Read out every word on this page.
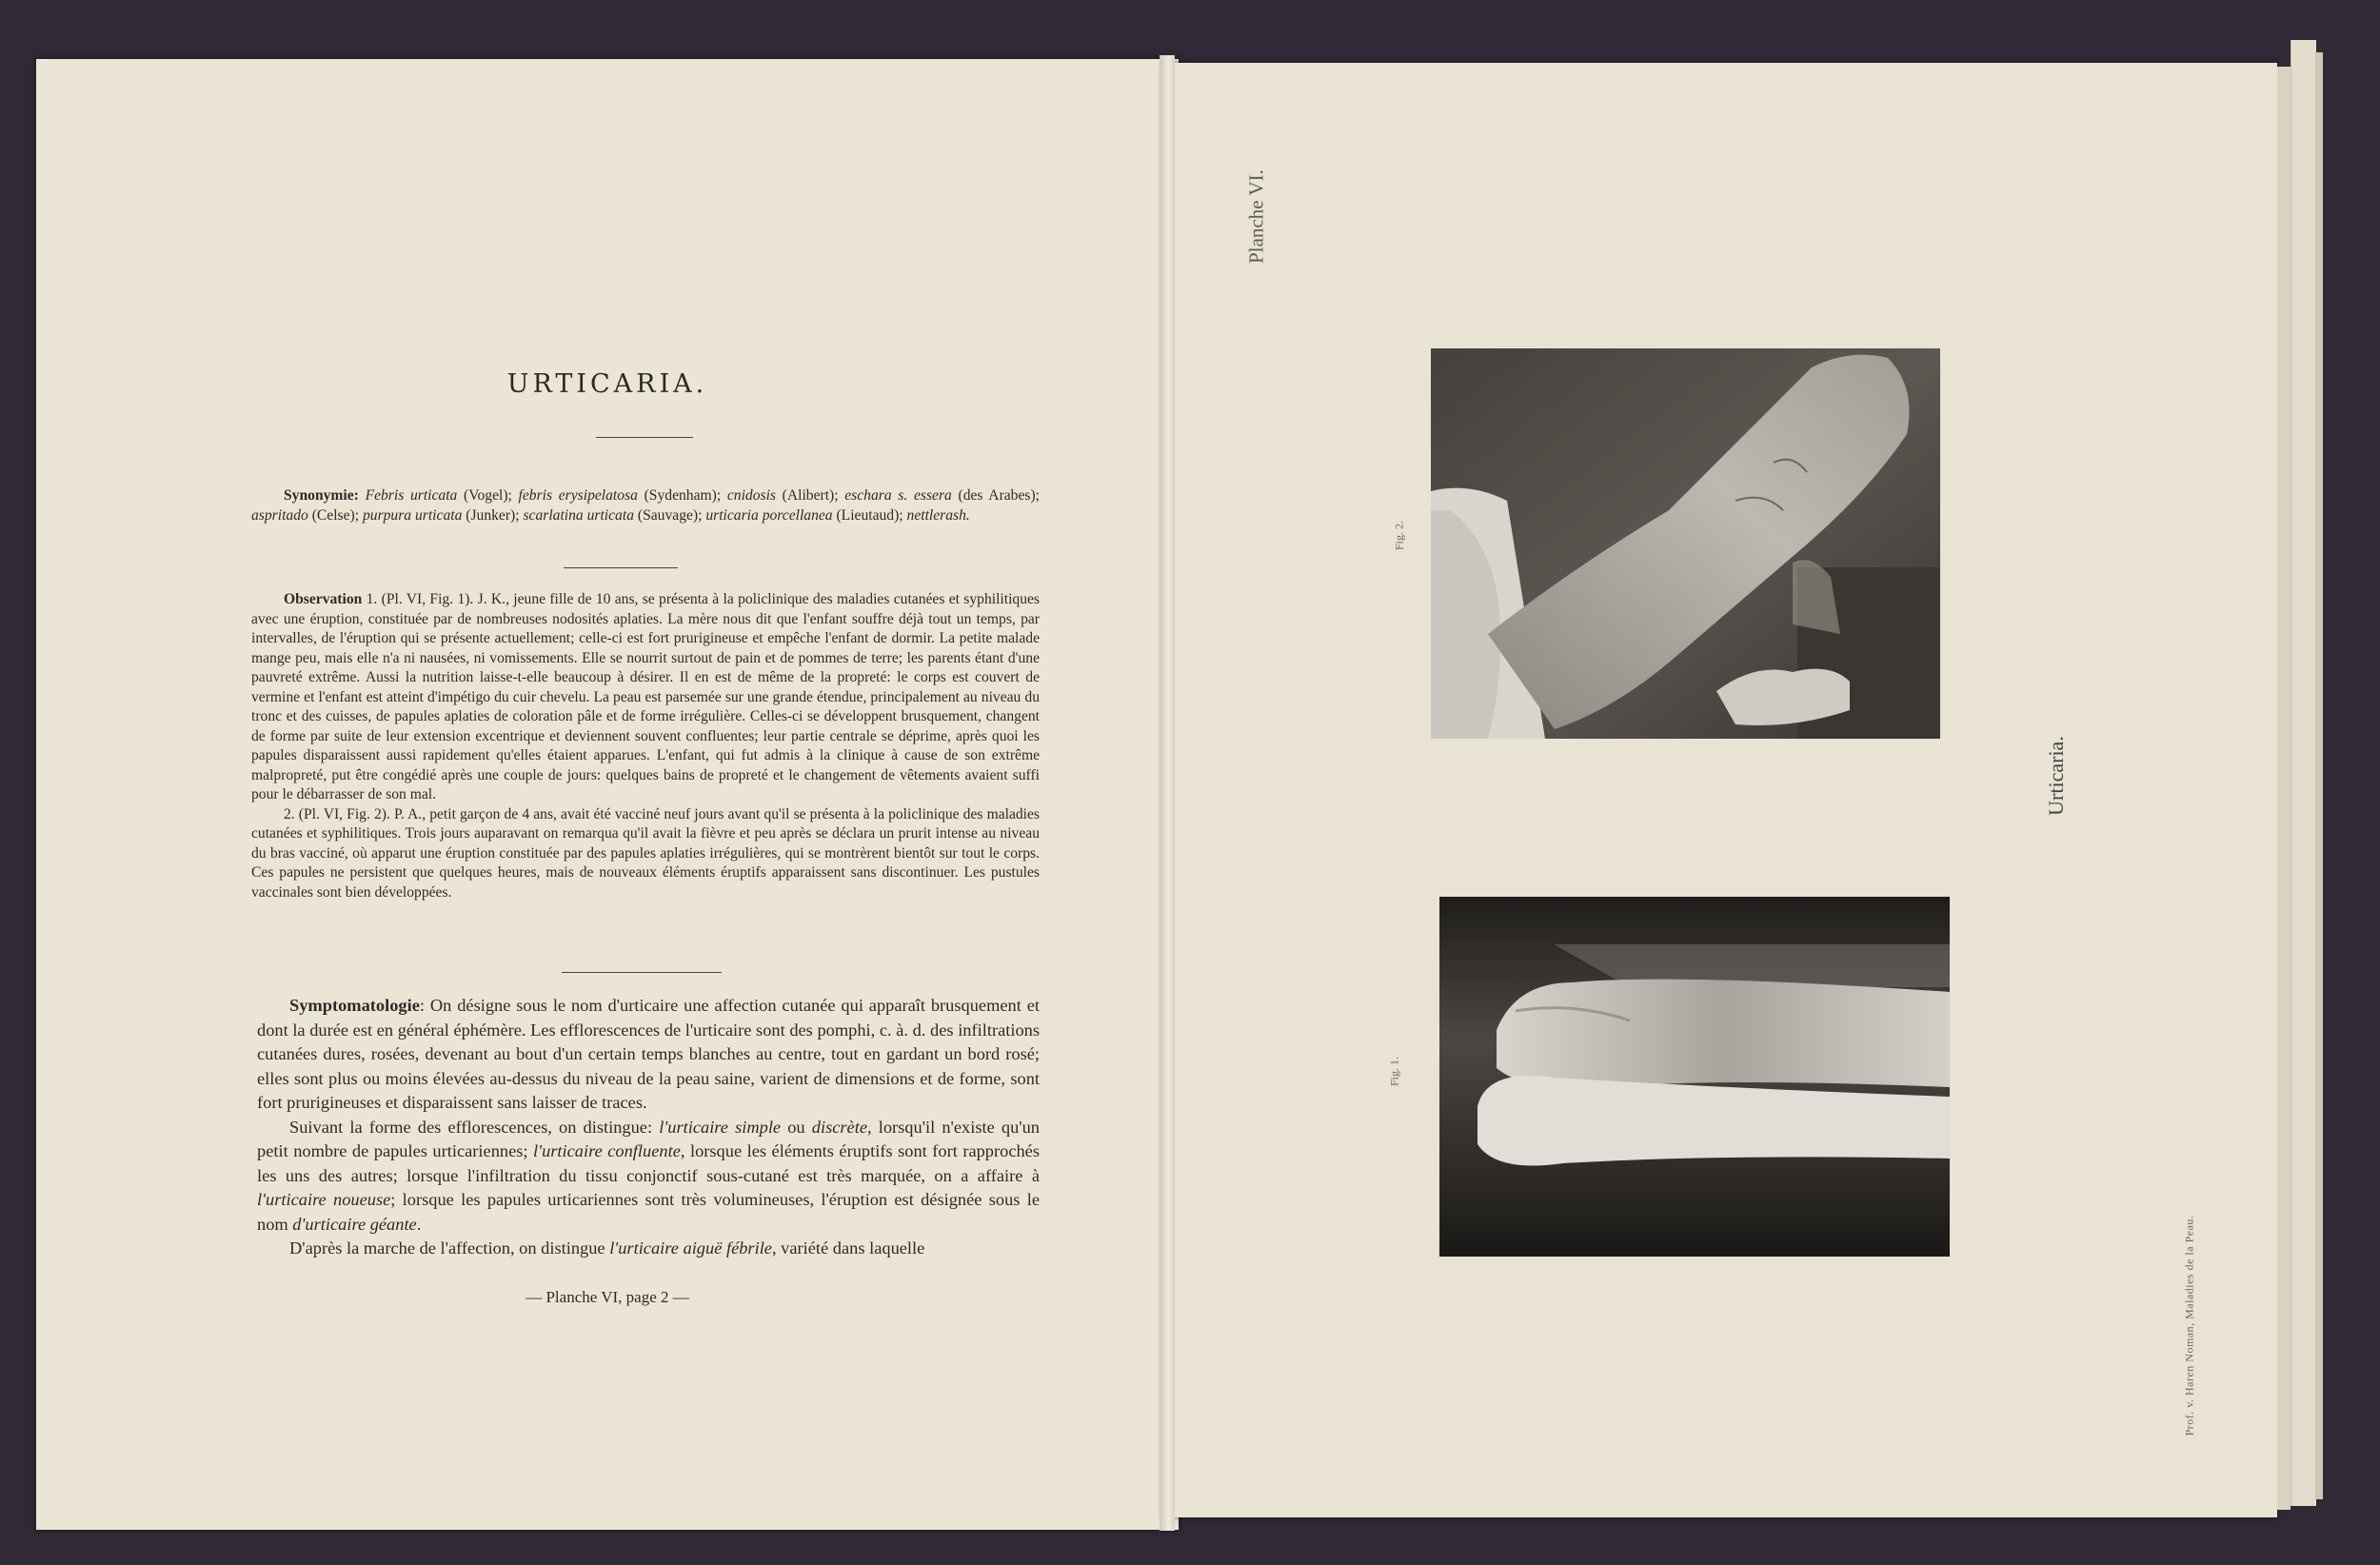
URTICARIA.

Synonymie: Febris urticata (Vogel); febris erysipelatosa (Sydenham); cnidosis (Alibert); eschara s. essera (des Arabes); aspritado (Celse); purpura urticata (Junker); scarlatina urticata (Sauvage); urticaria porcellanea (Lieutaud); nettlerash.

Observation 1. (Pl. VI, Fig. 1). J. K., jeune fille de 10 ans, se présenta à la policlinique des maladies cutanées et syphilitiques avec une éruption, constituée par de nombreuses nodosités aplaties. La mère nous dit que l'enfant souffre déjà tout un temps, par intervalles, de l'éruption qui se présente actuellement; celle-ci est fort prurigineuse et empêche l'enfant de dormir. La petite malade mange peu, mais elle n'a ni nausées, ni vomissements. Elle se nourrit surtout de pain et de pommes de terre; les parents étant d'une pauvreté extrême. Aussi la nutrition laisse-t-elle beaucoup à désirer. Il en est de même de la propreté: le corps est couvert de vermine et l'enfant est atteint d'impétigo du cuir chevelu. La peau est parsemée sur une grande étendue, principalement au niveau du tronc et des cuisses, de papules aplaties de coloration pâle et de forme irrégulière. Celles-ci se développent brusquement, changent de forme par suite de leur extension excentrique et deviennent souvent confluentes; leur partie centrale se déprime, après quoi les papules disparaissent aussi rapidement qu'elles étaient apparues. L'enfant, qui fut admis à la clinique à cause de son extrême malpropreté, put être congédié après une couple de jours: quelques bains de propreté et le changement de vêtements avaient suffi pour le débarrasser de son mal.

2. (Pl. VI, Fig. 2). P. A., petit garçon de 4 ans, avait été vacciné neuf jours avant qu'il se présenta à la policlinique des maladies cutanées et syphilitiques. Trois jours auparavant on remarqua qu'il avait la fièvre et peu après se déclara un prurit intense au niveau du bras vacciné, où apparut une éruption constituée par des papules aplaties irrégulières, qui se montrèrent bientôt sur tout le corps. Ces papules ne persistent que quelques heures, mais de nouveaux éléments éruptifs apparaissent sans discontinuer. Les pustules vaccinales sont bien développées.

Symptomatologie: On désigne sous le nom d'urticaire une affection cutanée qui apparaît brusquement et dont la durée est en général éphémère. Les efflorescences de l'urticaire sont des pomphi, c. à. d. des infiltrations cutanées dures, rosées, devenant au bout d'un certain temps blanches au centre, tout en gardant un bord rosé; elles sont plus ou moins élevées au-dessus du niveau de la peau saine, varient de dimensions et de forme, sont fort prurigineuses et disparaissent sans laisser de traces.

Suivant la forme des efflorescences, on distingue: l'urticaire simple ou discrète, lorsqu'il n'existe qu'un petit nombre de papules urticariennes; l'urticaire confluente, lorsque les éléments éruptifs sont fort rapprochés les uns des autres; lorsque l'infiltration du tissu conjonctif sous-cutané est très marquée, on a affaire à l'urticaire noueuse; lorsque les papules urticariennes sont très volumineuses, l'éruption est désignée sous le nom d'urticaire géante.

D'après la marche de l'affection, on distingue l'urticaire aiguë fébrile, variété dans laquelle

— Planche VI, page 2 —
Planche VI.
Urticaria.
Fig. 2.
Fig. 1.
Prof. v. Haren Noman, Maladies de la Peau.
